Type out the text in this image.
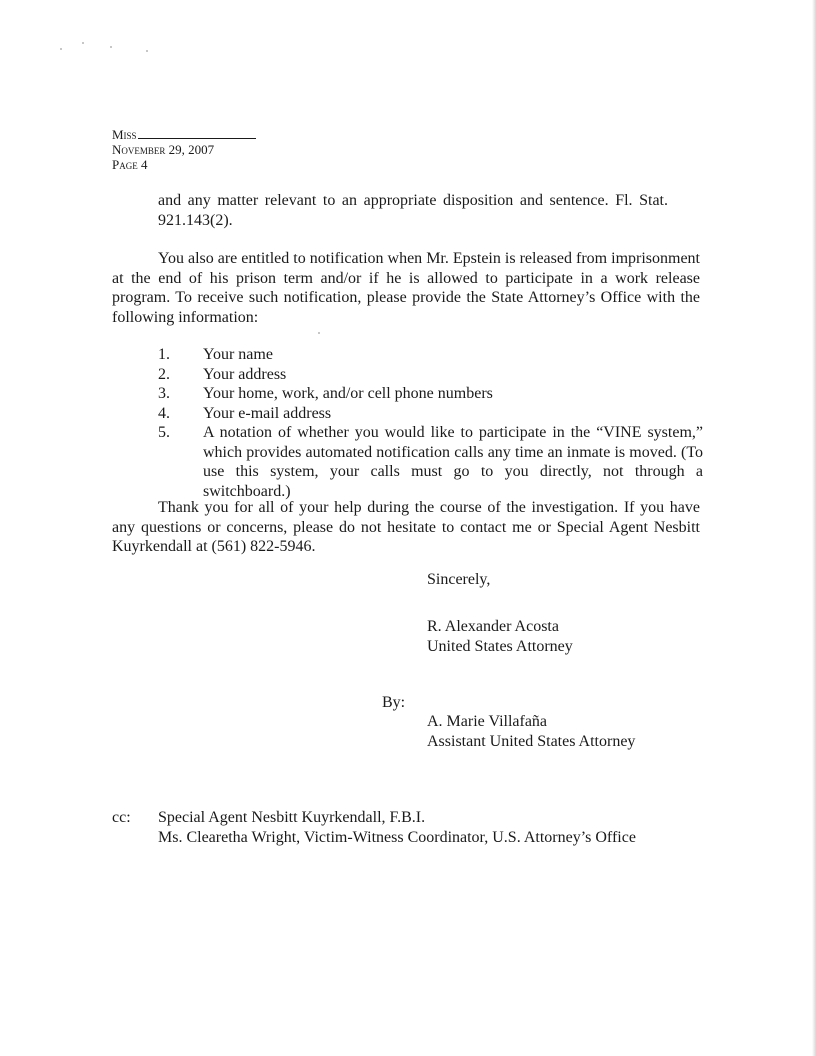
Miss
November 29, 2007
Page 4
and any matter relevant to an appropriate disposition and sentence. Fl. Stat. 921.143(2).
You also are entitled to notification when Mr. Epstein is released from imprisonment at the end of his prison term and/or if he is allowed to participate in a work release program. To receive such notification, please provide the State Attorney’s Office with the following information:
1.	Your name
2.	Your address
3.	Your home, work, and/or cell phone numbers
4.	Your e-mail address
5.	A notation of whether you would like to participate in the “VINE system,” which provides automated notification calls any time an inmate is moved. (To use this system, your calls must go to you directly, not through a switchboard.)
Thank you for all of your help during the course of the investigation. If you have any questions or concerns, please do not hesitate to contact me or Special Agent Nesbitt Kuyrkendall at (561) 822-5946.
Sincerely,
R. Alexander Acosta
United States Attorney
By:
A. Marie Villafaña
Assistant United States Attorney
cc:	Special Agent Nesbitt Kuyrkendall, F.B.I.
Ms. Clearetha Wright, Victim-Witness Coordinator, U.S. Attorney’s Office
